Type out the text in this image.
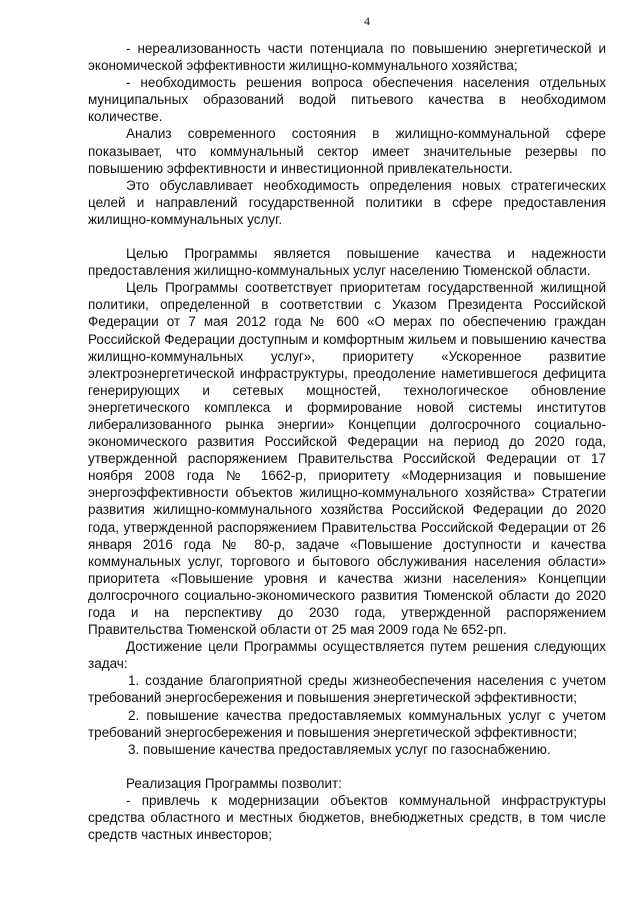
4

- нереализованность части потенциала по повышению энергетической и экономической эффективности жилищно-коммунального хозяйства;

- необходимость решения вопроса обеспечения населения отдельных муниципальных образований водой питьевого качества в необходимом количестве.

Анализ современного состояния в жилищно-коммунальной сфере показывает, что коммунальный сектор имеет значительные резервы по повышению эффективности и инвестиционной привлекательности.

Это обуславливает необходимость определения новых стратегических целей и направлений государственной политики в сфере предоставления жилищно-коммунальных услуг.

Целью Программы является повышение качества и надежности предоставления жилищно-коммунальных услуг населению Тюменской области.

Цель Программы соответствует приоритетам государственной жилищной политики, определенной в соответствии с Указом Президента Российской Федерации от 7 мая 2012 года № 600 «О мерах по обеспечению граждан Российской Федерации доступным и комфортным жильем и повышению качества жилищно-коммунальных услуг», приоритету «Ускоренное развитие электроэнергетической инфраструктуры, преодоление наметившегося дефицита генерирующих и сетевых мощностей, технологическое обновление энергетического комплекса и формирование новой системы институтов либерализованного рынка энергии» Концепции долгосрочного социально-экономического развития Российской Федерации на период до 2020 года, утвержденной распоряжением Правительства Российской Федерации от 17 ноября 2008 года № 1662-р, приоритету «Модернизация и повышение энергоэффективности объектов жилищно-коммунального хозяйства» Стратегии развития жилищно-коммунального хозяйства Российской Федерации до 2020 года, утвержденной распоряжением Правительства Российской Федерации от 26 января 2016 года № 80-р, задаче «Повышение доступности и качества коммунальных услуг, торгового и бытового обслуживания населения области» приоритета «Повышение уровня и качества жизни населения» Концепции долгосрочного социально-экономического развития Тюменской области до 2020 года и на перспективу до 2030 года, утвержденной распоряжением Правительства Тюменской области от 25 мая 2009 года № 652-рп.

Достижение цели Программы осуществляется путем решения следующих задач:

1. создание благоприятной среды жизнеобеспечения населения с учетом требований энергосбережения и повышения энергетической эффективности;

2. повышение качества предоставляемых коммунальных услуг с учетом требований энергосбережения и повышения энергетической эффективности;

3. повышение качества предоставляемых услуг по газоснабжению.

Реализация Программы позволит:

- привлечь к модернизации объектов коммунальной инфраструктуры средства областного и местных бюджетов, внебюджетных средств, в том числе средств частных инвесторов;
